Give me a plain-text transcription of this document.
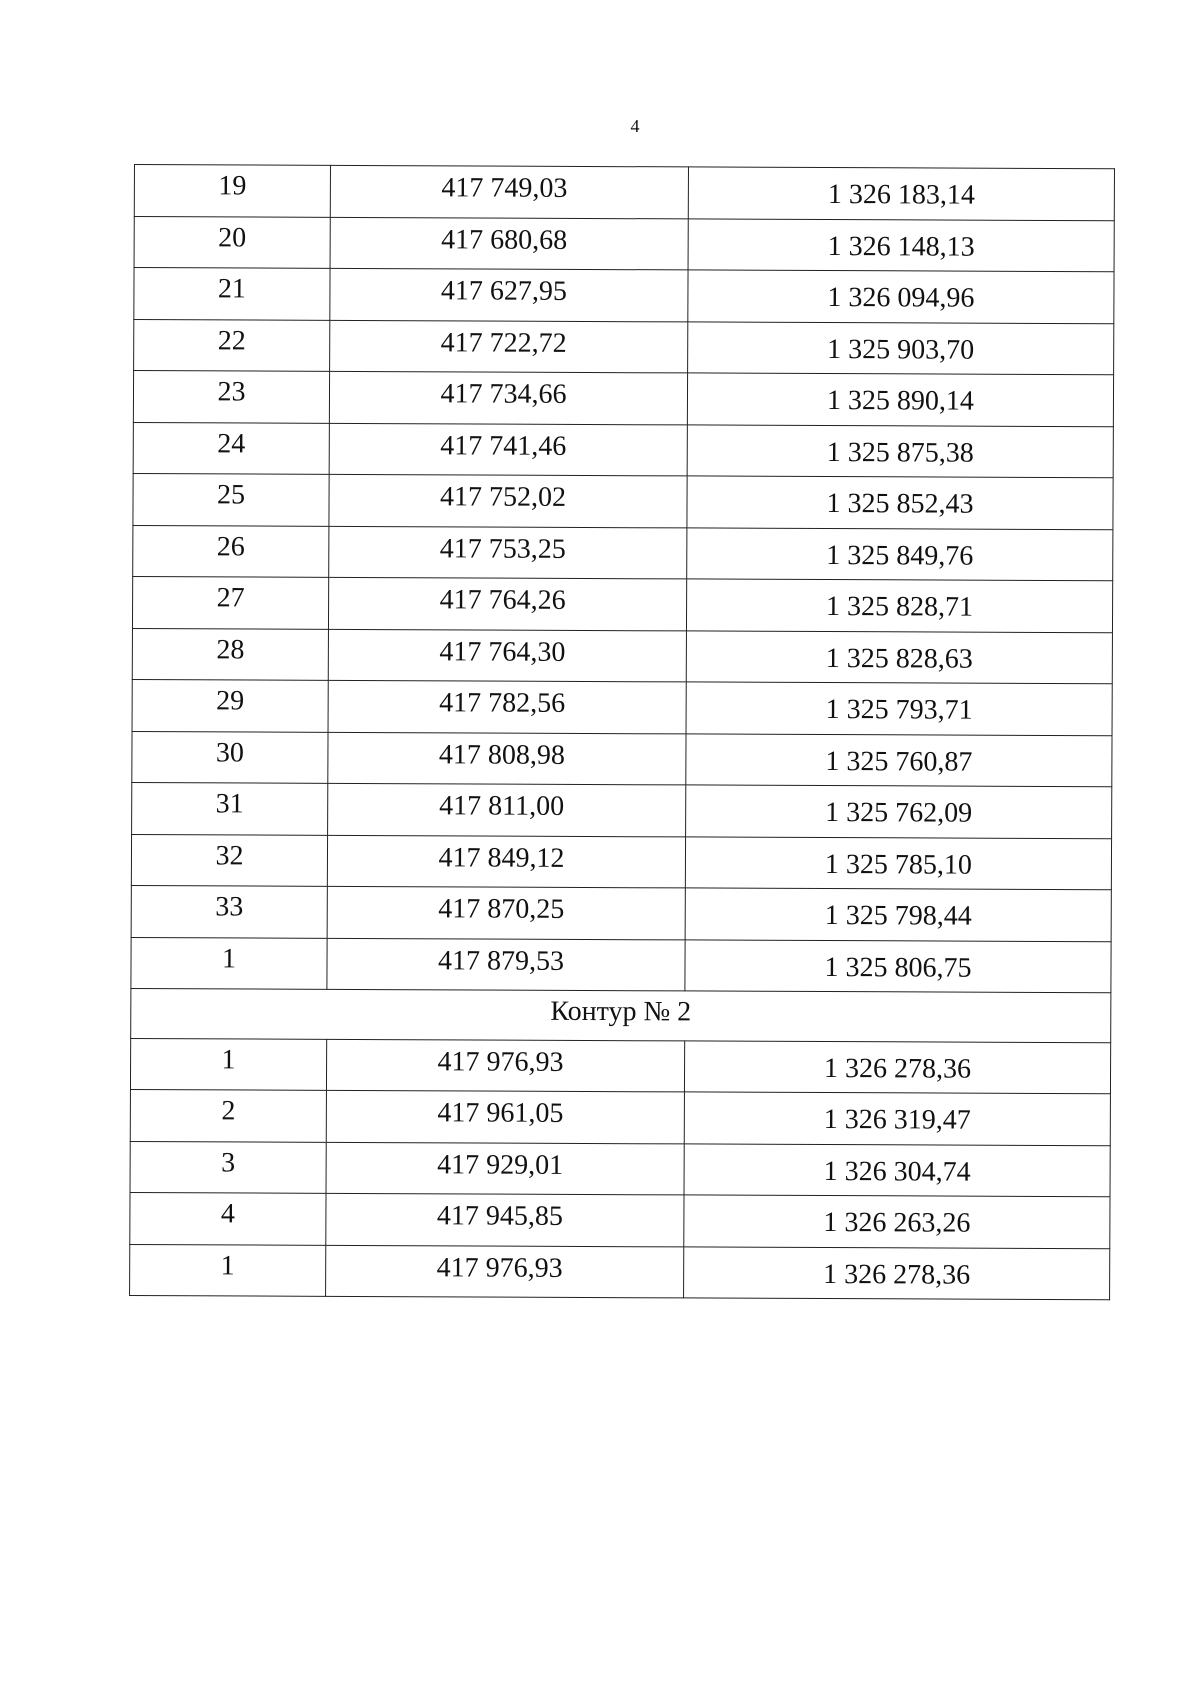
4
19	417 749,03	1 326 183,14
20	417 680,68	1 326 148,13
21	417 627,95	1 326 094,96
22	417 722,72	1 325 903,70
23	417 734,66	1 325 890,14
24	417 741,46	1 325 875,38
25	417 752,02	1 325 852,43
26	417 753,25	1 325 849,76
27	417 764,26	1 325 828,71
28	417 764,30	1 325 828,63
29	417 782,56	1 325 793,71
30	417 808,98	1 325 760,87
31	417 811,00	1 325 762,09
32	417 849,12	1 325 785,10
33	417 870,25	1 325 798,44
1	417 879,53	1 325 806,75
Контур № 2		
1	417 976,93	1 326 278,36
2	417 961,05	1 326 319,47
3	417 929,01	1 326 304,74
4	417 945,85	1 326 263,26
1	417 976,93	1 326 278,36
